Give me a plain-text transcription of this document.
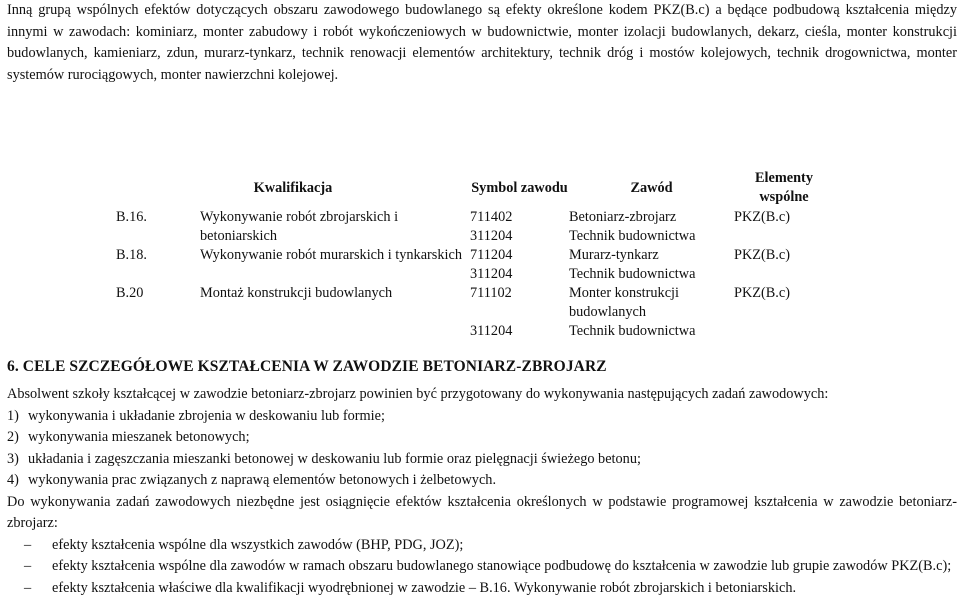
Inną grupą wspólnych efektów dotyczących obszaru zawodowego budowlanego są efekty określone kodem PKZ(B.c) a będące podbudową kształcenia między innymi w zawodach: kominiarz, monter zabudowy i robót wykończeniowych w budownictwie, monter izolacji budowlanych, dekarz, cieśla, monter konstrukcji budowlanych, kamieniarz, zdun, murarz-tynkarz, technik renowacji elementów architektury, technik dróg i mostów kolejowych, technik drogownictwa, monter systemów rurociągowych, monter nawierzchni kolejowej.

Kwalifikacja		Symbol zawodu	Zawód	Elementy wspólne
B.16.	Wykonywanie robót zbrojarskich i betoniarskich	711402	Betoniarz-zbrojarz	PKZ(B.c)
		311204	Technik budownictwa	
B.18.	Wykonywanie robót murarskich i tynkarskich	711204	Murarz-tynkarz	PKZ(B.c)
		311204	Technik budownictwa	
B.20	Montaż konstrukcji budowlanych	711102	Monter konstrukcji budowlanych	PKZ(B.c)
		311204	Technik budownictwa	
6. CELE SZCZEGÓŁOWE KSZTAŁCENIA W ZAWODZIE BETONIARZ-ZBROJARZ
Absolwent szkoły kształcącej w zawodzie betoniarz-zbrojarz powinien być przygotowany do wykonywania następujących zadań zawodowych:
1) wykonywania i układanie zbrojenia w deskowaniu lub formie;
2) wykonywania mieszanek betonowych;
3) układania i zagęszczania mieszanki betonowej w deskowaniu lub formie oraz pielęgnacji świeżego betonu;
4) wykonywania prac związanych z naprawą elementów betonowych i żelbetowych.
Do wykonywania zadań zawodowych niezbędne jest osiągnięcie efektów kształcenia określonych w podstawie programowej kształcenia w zawodzie betoniarz-zbrojarz:
– efekty kształcenia wspólne dla wszystkich zawodów (BHP, PDG, JOZ);
– efekty kształcenia wspólne dla zawodów w ramach obszaru budowlanego stanowiące podbudowę do kształcenia w zawodzie lub grupie zawodów PKZ(B.c);
– efekty kształcenia właściwe dla kwalifikacji wyodrębnionej w zawodzie – B.16. Wykonywanie robót zbrojarskich i betoniarskich.
